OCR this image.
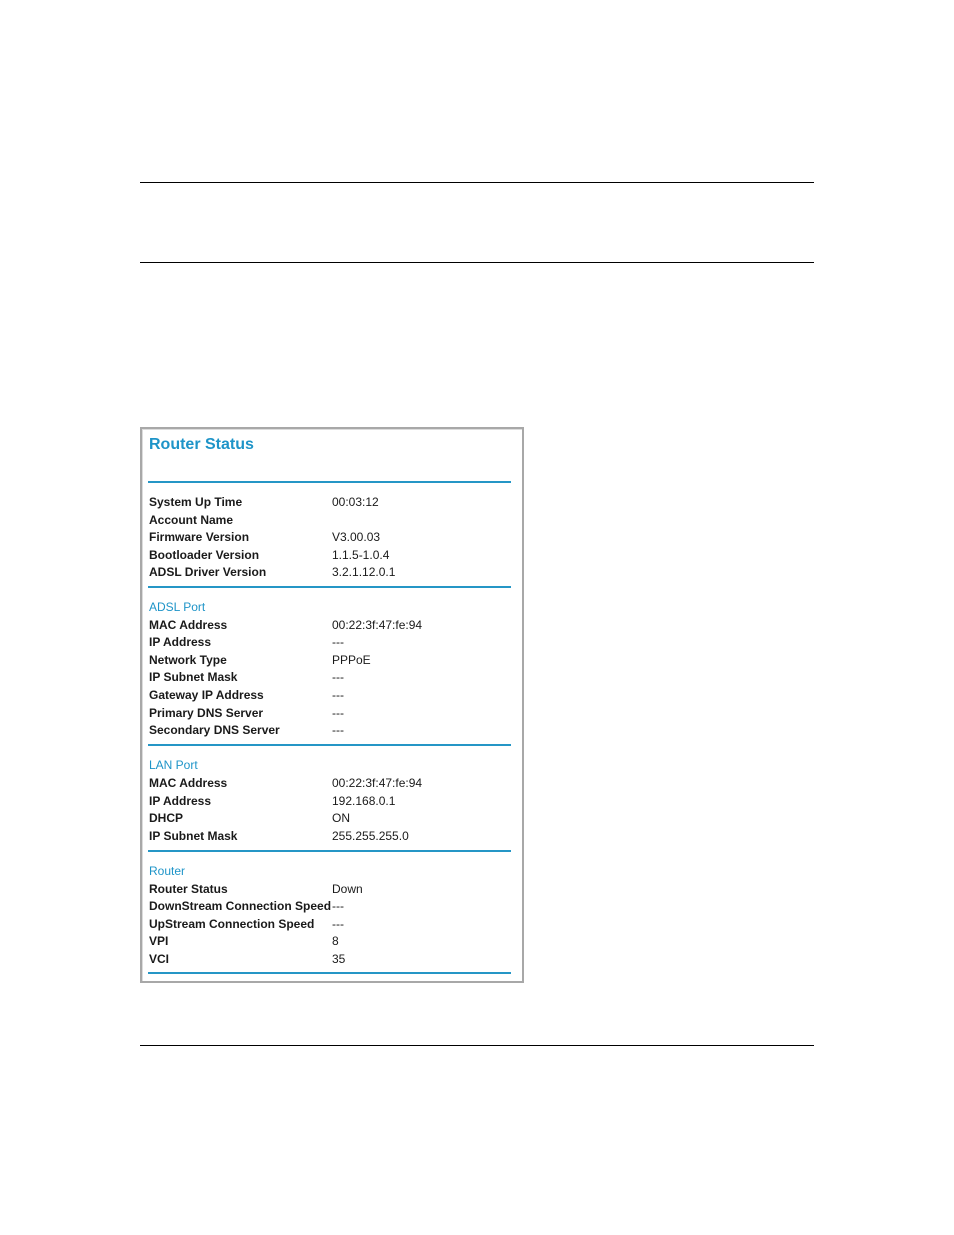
Router Status
System Up Time	00:03:12
Account Name
Firmware Version	V3.00.03
Bootloader Version	1.1.5-1.0.4
ADSL Driver Version	3.2.1.12.0.1
ADSL Port
MAC Address	00:22:3f:47:fe:94
IP Address	---
Network Type	PPPoE
IP Subnet Mask	---
Gateway IP Address	---
Primary DNS Server	---
Secondary DNS Server	---
LAN Port
MAC Address	00:22:3f:47:fe:94
IP Address	192.168.0.1
DHCP	ON
IP Subnet Mask	255.255.255.0
Router
Router Status	Down
DownStream Connection Speed ---
UpStream Connection Speed ---
VPI	8
VCI	35
